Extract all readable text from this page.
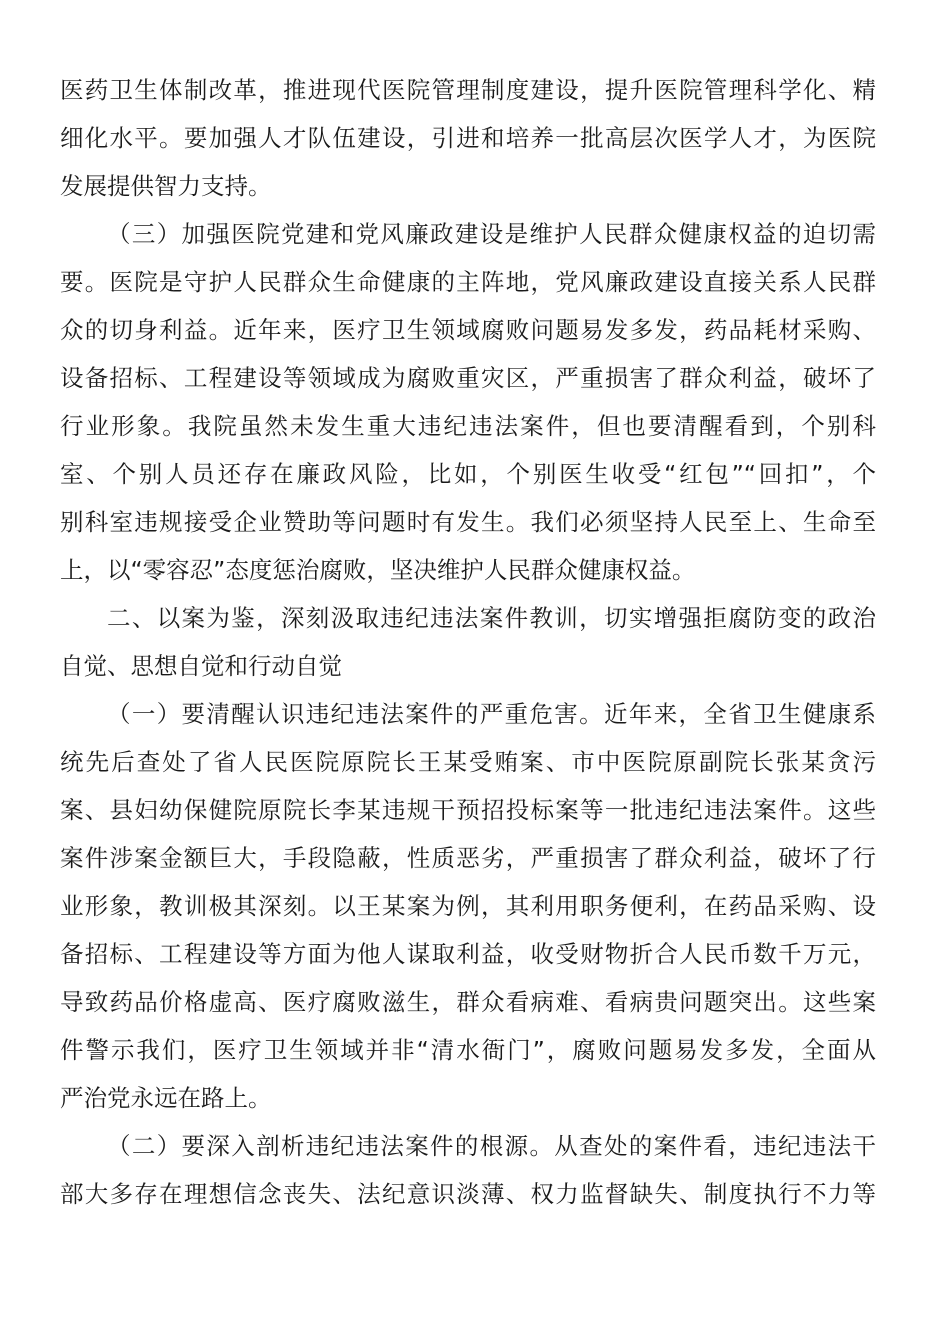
医药卫生体制改革，推进现代医院管理制度建设，提升医院管理科学化、精
细化水平。要加强人才队伍建设，引进和培养一批高层次医学人才，为医院
发展提供智力支持。
（三）加强医院党建和党风廉政建设是维护人民群众健康权益的迫切需
要。医院是守护人民群众生命健康的主阵地，党风廉政建设直接关系人民群
众的切身利益。近年来，医疗卫生领域腐败问题易发多发，药品耗材采购、
设备招标、工程建设等领域成为腐败重灾区，严重损害了群众利益，破坏了
行业形象。我院虽然未发生重大违纪违法案件，但也要清醒看到，个别科
室、个别人员还存在廉政风险，比如，个别医生收受“红包”“回扣”，个
别科室违规接受企业赞助等问题时有发生。我们必须坚持人民至上、生命至
上，以“零容忍”态度惩治腐败，坚决维护人民群众健康权益。
二、以案为鉴，深刻汲取违纪违法案件教训，切实增强拒腐防变的政治
自觉、思想自觉和行动自觉
（一）要清醒认识违纪违法案件的严重危害。近年来，全省卫生健康系
统先后查处了省人民医院原院长王某受贿案、市中医院原副院长张某贪污
案、县妇幼保健院原院长李某违规干预招投标案等一批违纪违法案件。这些
案件涉案金额巨大，手段隐蔽，性质恶劣，严重损害了群众利益，破坏了行
业形象，教训极其深刻。以王某案为例，其利用职务便利，在药品采购、设
备招标、工程建设等方面为他人谋取利益，收受财物折合人民币数千万元，
导致药品价格虚高、医疗腐败滋生，群众看病难、看病贵问题突出。这些案
件警示我们，医疗卫生领域并非“清水衙门”，腐败问题易发多发，全面从
严治党永远在路上。
（二）要深入剖析违纪违法案件的根源。从查处的案件看，违纪违法干
部大多存在理想信念丧失、法纪意识淡薄、权力监督缺失、制度执行不力等
